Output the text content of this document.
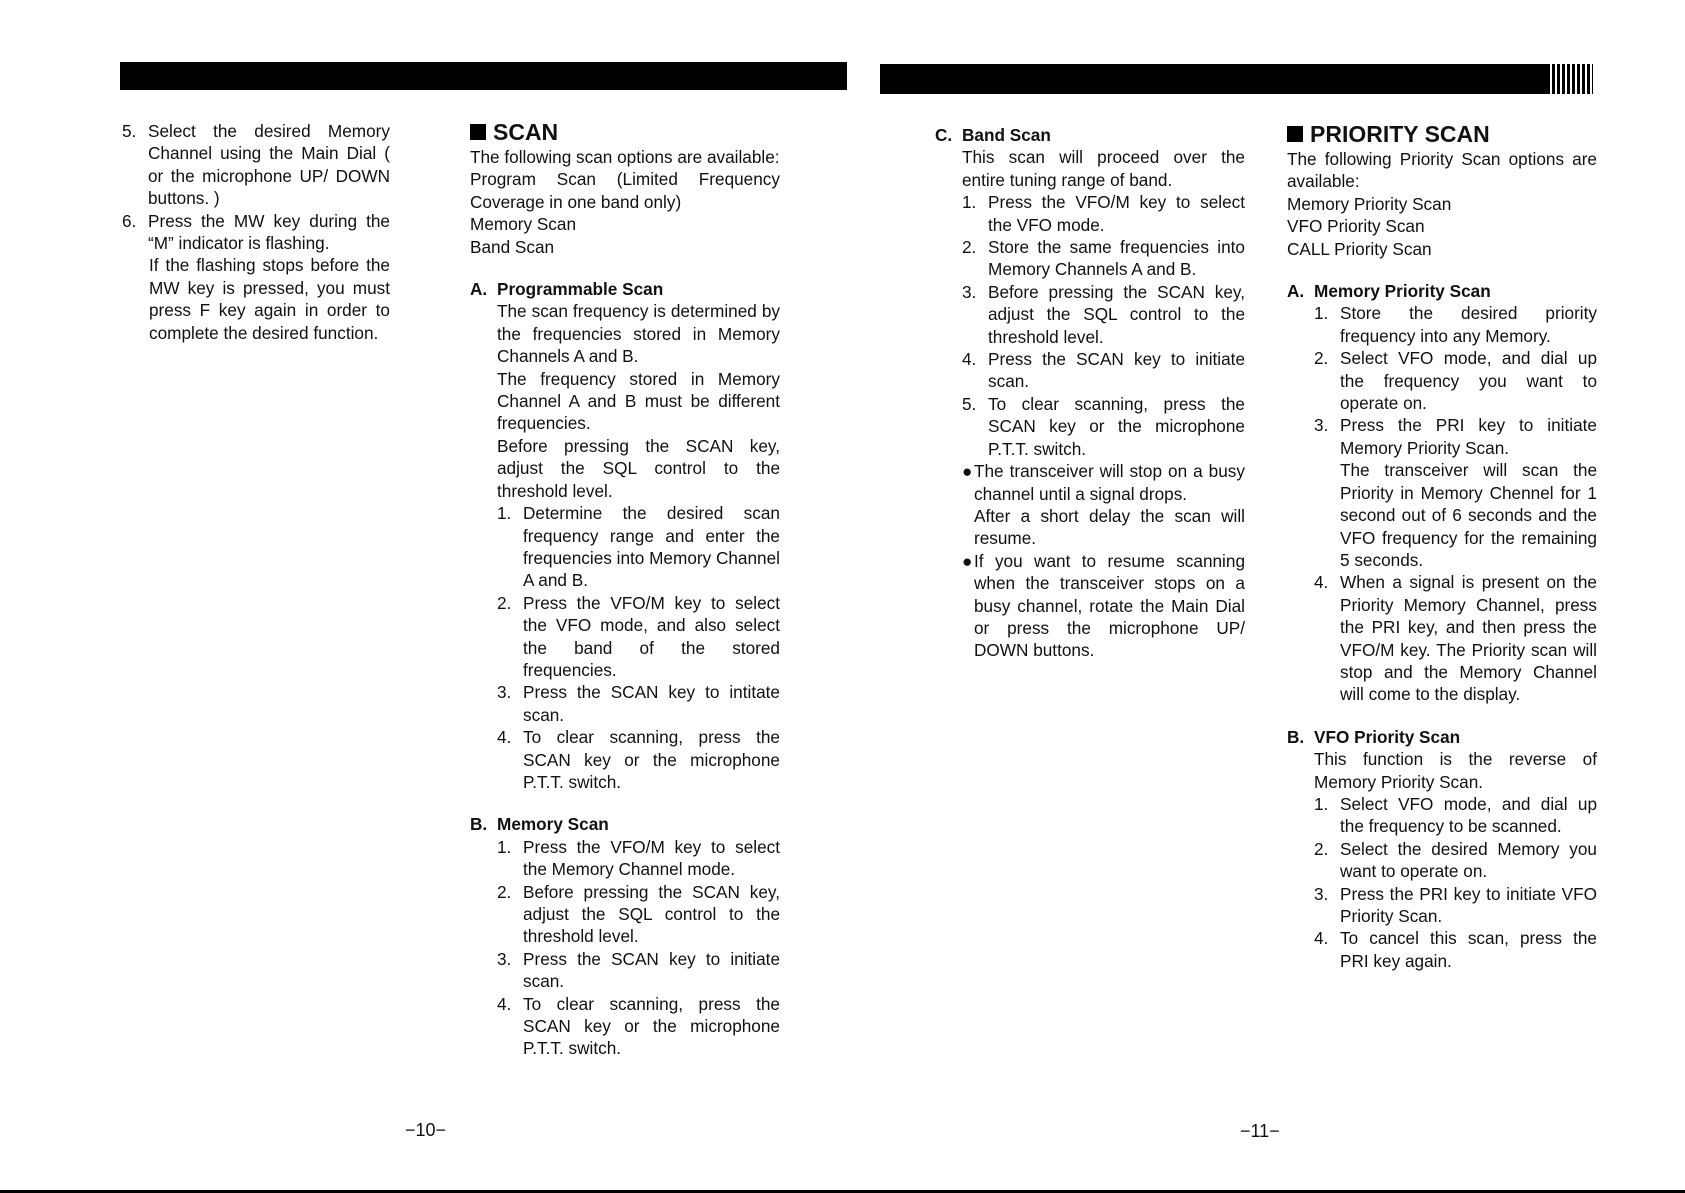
5. Select the desired Memory Channel using the Main Dial ( or the microphone UP/ DOWN buttons. )
6. Press the MW key during the “M” indicator is flashing.

If the flashing stops before the MW key is pressed, you must press F key again in order to complete the desired function.

SCAN

The following scan options are available:

Program Scan (Limited Frequency Coverage in one band only)

Memory Scan

Band Scan

A. Programmable Scan

The scan frequency is determined by the frequencies stored in Memory Channels A and B.

The frequency stored in Memory Channel A and B must be different frequencies.

Before pressing the SCAN key, adjust the SQL control to the threshold level.

1. Determine the desired scan frequency range and enter the frequencies into Memory Channel A and B.
2. Press the VFO/M key to select the VFO mode, and also select the band of the stored frequencies.
3. Press the SCAN key to intitate scan.
4. To clear scanning, press the SCAN key or the microphone P.T.T. switch.
B. Memory Scan
1. Press the VFO/M key to select the Memory Channel mode.
2. Before pressing the SCAN key, adjust the SQL control to the threshold level.
3. Press the SCAN key to initiate scan.
4. To clear scanning, press the SCAN key or the microphone P.T.T. switch.
C. Band Scan

This scan will proceed over the entire tuning range of band.

1. Press the VFO/M key to select the VFO mode.
2. Store the same frequencies into Memory Channels A and B.
3. Before pressing the SCAN key, adjust the SQL control to the threshold level.
4. Press the SCAN key to initiate scan.
5. To clear scanning, press the SCAN key or the microphone P.T.T. switch.
● The transceiver will stop on a busy channel until a signal drops.
After a short delay the scan will resume.
● If you want to resume scanning when the transceiver stops on a busy channel, rotate the Main Dial or press the microphone UP/ DOWN buttons.
PRIORITY SCAN

The following Priority Scan options are available:

Memory Priority Scan

VFO Priority Scan

CALL Priority Scan

A. Memory Priority Scan
1. Store the desired priority frequency into any Memory.
2. Select VFO mode, and dial up the frequency you want to operate on.
3. Press the PRI key to initiate Memory Priority Scan.
The transceiver will scan the Priority in Memory Chennel for 1 second out of 6 seconds and the VFO frequency for the remaining 5 seconds.
4. When a signal is present on the Priority Memory Channel, press the PRI key, and then press the VFO/M key. The Priority scan will stop and the Memory Channel will come to the display.
B. VFO Priority Scan

This function is the reverse of Memory Priority Scan.

1. Select VFO mode, and dial up the frequency to be scanned.
2. Select the desired Memory you want to operate on.
3. Press the PRI key to initiate VFO Priority Scan.
4. To cancel this scan, press the PRI key again.
−10−	−11−
